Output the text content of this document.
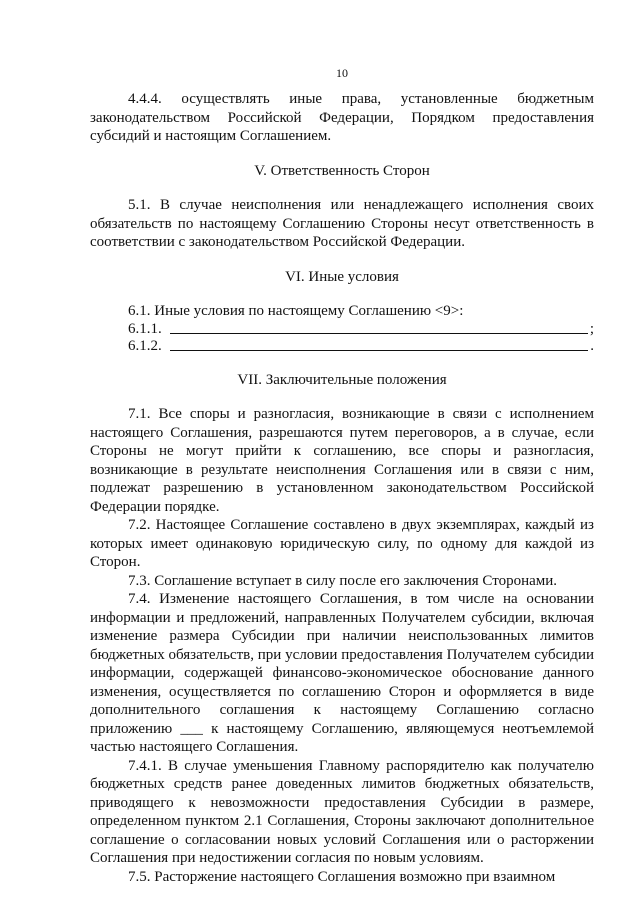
10

4.4.4. осуществлять иные права, установленные бюджетным законодательством Российской Федерации, Порядком предоставления субсидий и настоящим Соглашением.

V. Ответственность Сторон

5.1. В случае неисполнения или ненадлежащего исполнения своих обязательств по настоящему Соглашению Стороны несут ответственность в соответствии с законодательством Российской Федерации.

VI. Иные условия

6.1. Иные условия по настоящему Соглашению <9>:

6.1.1.	;
6.1.2.	.
VII. Заключительные положения

7.1. Все споры и разногласия, возникающие в связи с исполнением настоящего Соглашения, разрешаются путем переговоров, а в случае, если Стороны не могут прийти к соглашению, все споры и разногласия, возникающие в результате неисполнения Соглашения или в связи с ним, подлежат разрешению в установленном законодательством Российской Федерации порядке.

7.2. Настоящее Соглашение составлено в двух экземплярах, каждый из которых имеет одинаковую юридическую силу, по одному для каждой из Сторон.

7.3. Соглашение вступает в силу после его заключения Сторонами.

7.4. Изменение настоящего Соглашения, в том числе на основании информации и предложений, направленных Получателем субсидии, включая изменение размера Субсидии при наличии неиспользованных лимитов бюджетных обязательств, при условии предоставления Получателем субсидии информации, содержащей финансово-экономическое обоснование данного изменения, осуществляется по соглашению Сторон и оформляется в виде дополнительного соглашения к настоящему Соглашению согласно приложению ___ к настоящему Соглашению, являющемуся неотъемлемой частью настоящего Соглашения.

7.4.1. В случае уменьшения Главному распорядителю как получателю бюджетных средств ранее доведенных лимитов бюджетных обязательств, приводящего к невозможности предоставления Субсидии в размере, определенном пунктом 2.1 Соглашения, Стороны заключают дополнительное соглашение о согласовании новых условий Соглашения или о расторжении Соглашения при недостижении согласия по новым условиям.

7.5. Расторжение настоящего Соглашения возможно при взаимном
